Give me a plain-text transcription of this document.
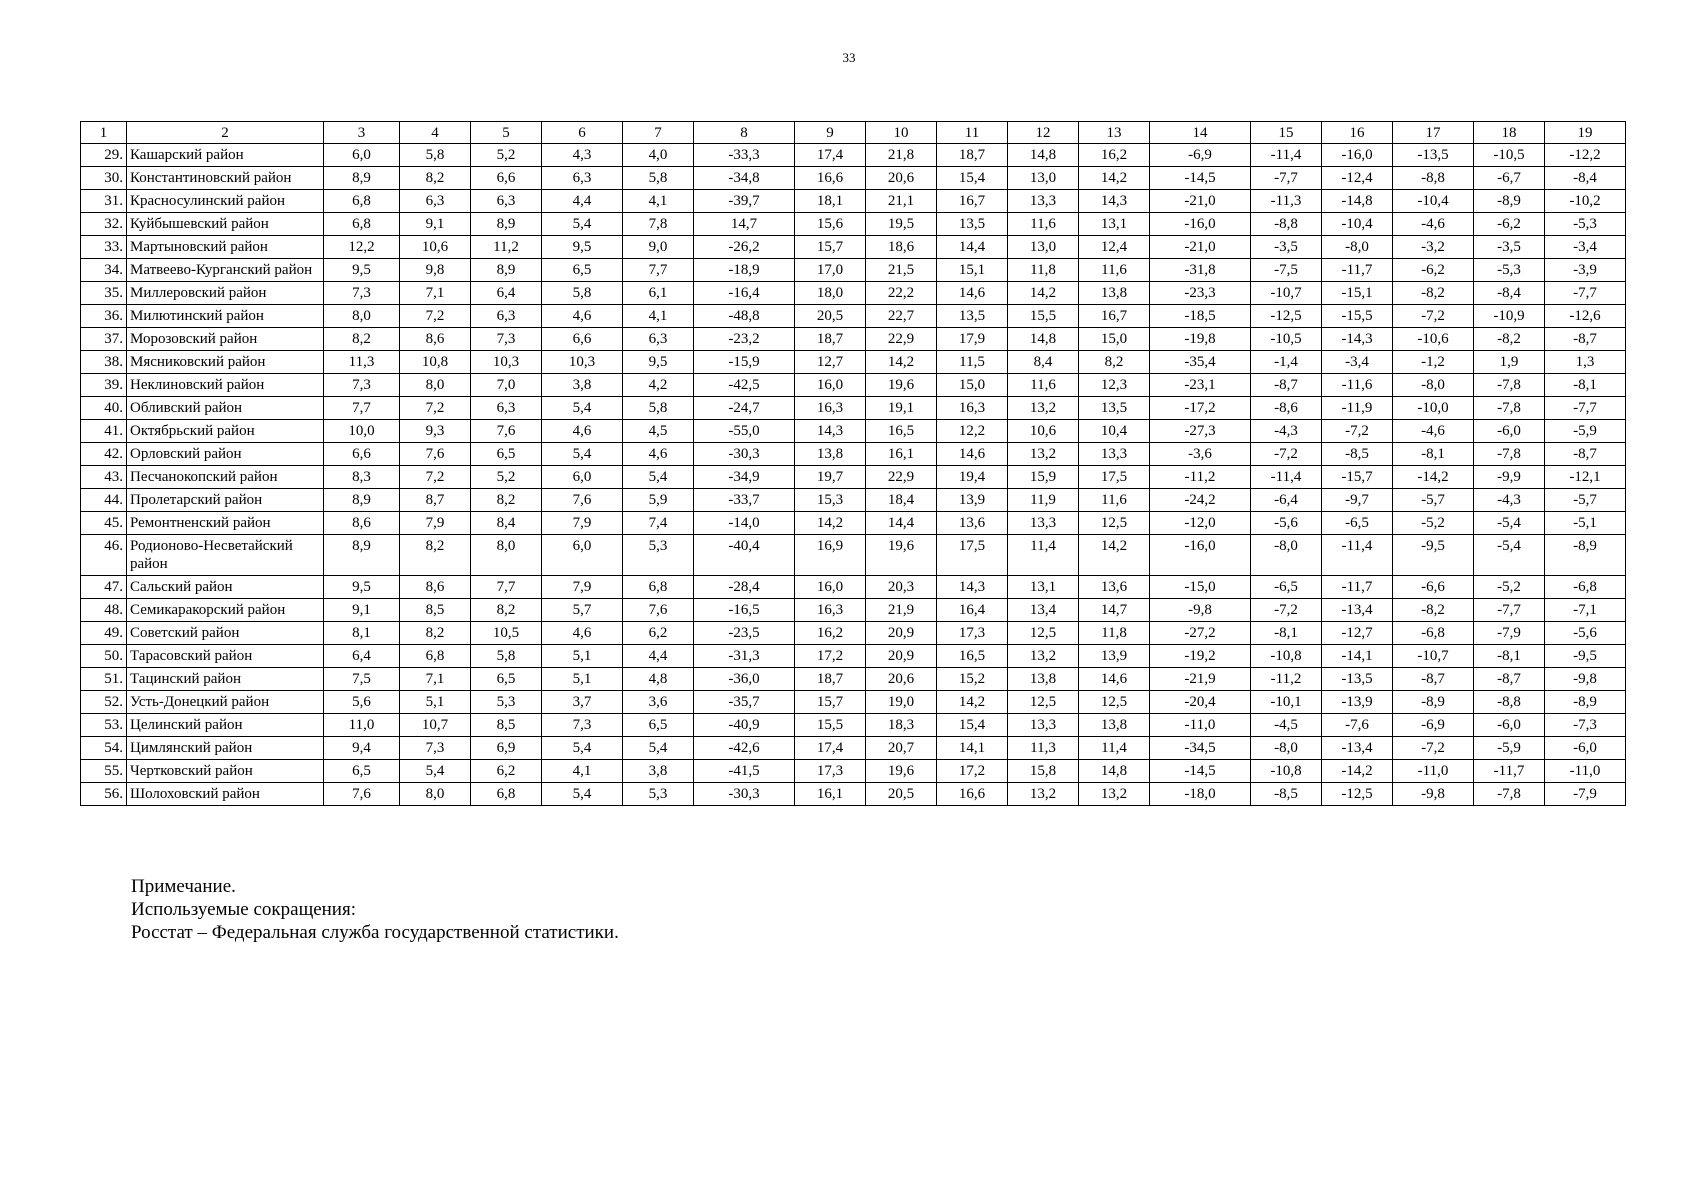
33
1	2	3	4	5	6	7	8	9	10	11	12	13	14	15	16	17	18	19
29.	Кашарский район	6,0	5,8	5,2	4,3	4,0	-33,3	17,4	21,8	18,7	14,8	16,2	-6,9	-11,4	-16,0	-13,5	-10,5	-12,2
30.	Константиновский район	8,9	8,2	6,6	6,3	5,8	-34,8	16,6	20,6	15,4	13,0	14,2	-14,5	-7,7	-12,4	-8,8	-6,7	-8,4
31.	Красносулинский район	6,8	6,3	6,3	4,4	4,1	-39,7	18,1	21,1	16,7	13,3	14,3	-21,0	-11,3	-14,8	-10,4	-8,9	-10,2
32.	Куйбышевский район	6,8	9,1	8,9	5,4	7,8	14,7	15,6	19,5	13,5	11,6	13,1	-16,0	-8,8	-10,4	-4,6	-6,2	-5,3
33.	Мартыновский район	12,2	10,6	11,2	9,5	9,0	-26,2	15,7	18,6	14,4	13,0	12,4	-21,0	-3,5	-8,0	-3,2	-3,5	-3,4
34.	Матвеево-Курганский район	9,5	9,8	8,9	6,5	7,7	-18,9	17,0	21,5	15,1	11,8	11,6	-31,8	-7,5	-11,7	-6,2	-5,3	-3,9
35.	Миллеровский район	7,3	7,1	6,4	5,8	6,1	-16,4	18,0	22,2	14,6	14,2	13,8	-23,3	-10,7	-15,1	-8,2	-8,4	-7,7
36.	Милютинский район	8,0	7,2	6,3	4,6	4,1	-48,8	20,5	22,7	13,5	15,5	16,7	-18,5	-12,5	-15,5	-7,2	-10,9	-12,6
37.	Морозовский район	8,2	8,6	7,3	6,6	6,3	-23,2	18,7	22,9	17,9	14,8	15,0	-19,8	-10,5	-14,3	-10,6	-8,2	-8,7
38.	Мясниковский район	11,3	10,8	10,3	10,3	9,5	-15,9	12,7	14,2	11,5	8,4	8,2	-35,4	-1,4	-3,4	-1,2	1,9	1,3
39.	Неклиновский район	7,3	8,0	7,0	3,8	4,2	-42,5	16,0	19,6	15,0	11,6	12,3	-23,1	-8,7	-11,6	-8,0	-7,8	-8,1
40.	Обливский район	7,7	7,2	6,3	5,4	5,8	-24,7	16,3	19,1	16,3	13,2	13,5	-17,2	-8,6	-11,9	-10,0	-7,8	-7,7
41.	Октябрьский район	10,0	9,3	7,6	4,6	4,5	-55,0	14,3	16,5	12,2	10,6	10,4	-27,3	-4,3	-7,2	-4,6	-6,0	-5,9
42.	Орловский район	6,6	7,6	6,5	5,4	4,6	-30,3	13,8	16,1	14,6	13,2	13,3	-3,6	-7,2	-8,5	-8,1	-7,8	-8,7
43.	Песчанокопский район	8,3	7,2	5,2	6,0	5,4	-34,9	19,7	22,9	19,4	15,9	17,5	-11,2	-11,4	-15,7	-14,2	-9,9	-12,1
44.	Пролетарский район	8,9	8,7	8,2	7,6	5,9	-33,7	15,3	18,4	13,9	11,9	11,6	-24,2	-6,4	-9,7	-5,7	-4,3	-5,7
45.	Ремонтненский район	8,6	7,9	8,4	7,9	7,4	-14,0	14,2	14,4	13,6	13,3	12,5	-12,0	-5,6	-6,5	-5,2	-5,4	-5,1
46.	Родионово-Несветайский район	8,9	8,2	8,0	6,0	5,3	-40,4	16,9	19,6	17,5	11,4	14,2	-16,0	-8,0	-11,4	-9,5	-5,4	-8,9
47.	Сальский район	9,5	8,6	7,7	7,9	6,8	-28,4	16,0	20,3	14,3	13,1	13,6	-15,0	-6,5	-11,7	-6,6	-5,2	-6,8
48.	Семикаракорский район	9,1	8,5	8,2	5,7	7,6	-16,5	16,3	21,9	16,4	13,4	14,7	-9,8	-7,2	-13,4	-8,2	-7,7	-7,1
49.	Советский район	8,1	8,2	10,5	4,6	6,2	-23,5	16,2	20,9	17,3	12,5	11,8	-27,2	-8,1	-12,7	-6,8	-7,9	-5,6
50.	Тарасовский район	6,4	6,8	5,8	5,1	4,4	-31,3	17,2	20,9	16,5	13,2	13,9	-19,2	-10,8	-14,1	-10,7	-8,1	-9,5
51.	Тацинский район	7,5	7,1	6,5	5,1	4,8	-36,0	18,7	20,6	15,2	13,8	14,6	-21,9	-11,2	-13,5	-8,7	-8,7	-9,8
52.	Усть-Донецкий район	5,6	5,1	5,3	3,7	3,6	-35,7	15,7	19,0	14,2	12,5	12,5	-20,4	-10,1	-13,9	-8,9	-8,8	-8,9
53.	Целинский район	11,0	10,7	8,5	7,3	6,5	-40,9	15,5	18,3	15,4	13,3	13,8	-11,0	-4,5	-7,6	-6,9	-6,0	-7,3
54.	Цимлянский район	9,4	7,3	6,9	5,4	5,4	-42,6	17,4	20,7	14,1	11,3	11,4	-34,5	-8,0	-13,4	-7,2	-5,9	-6,0
55.	Чертковский район	6,5	5,4	6,2	4,1	3,8	-41,5	17,3	19,6	17,2	15,8	14,8	-14,5	-10,8	-14,2	-11,0	-11,7	-11,0
56.	Шолоховский район	7,6	8,0	6,8	5,4	5,3	-30,3	16,1	20,5	16,6	13,2	13,2	-18,0	-8,5	-12,5	-9,8	-7,8	-7,9
Примечание.
Используемые сокращения:
Росстат – Федеральная служба государственной статистики.
